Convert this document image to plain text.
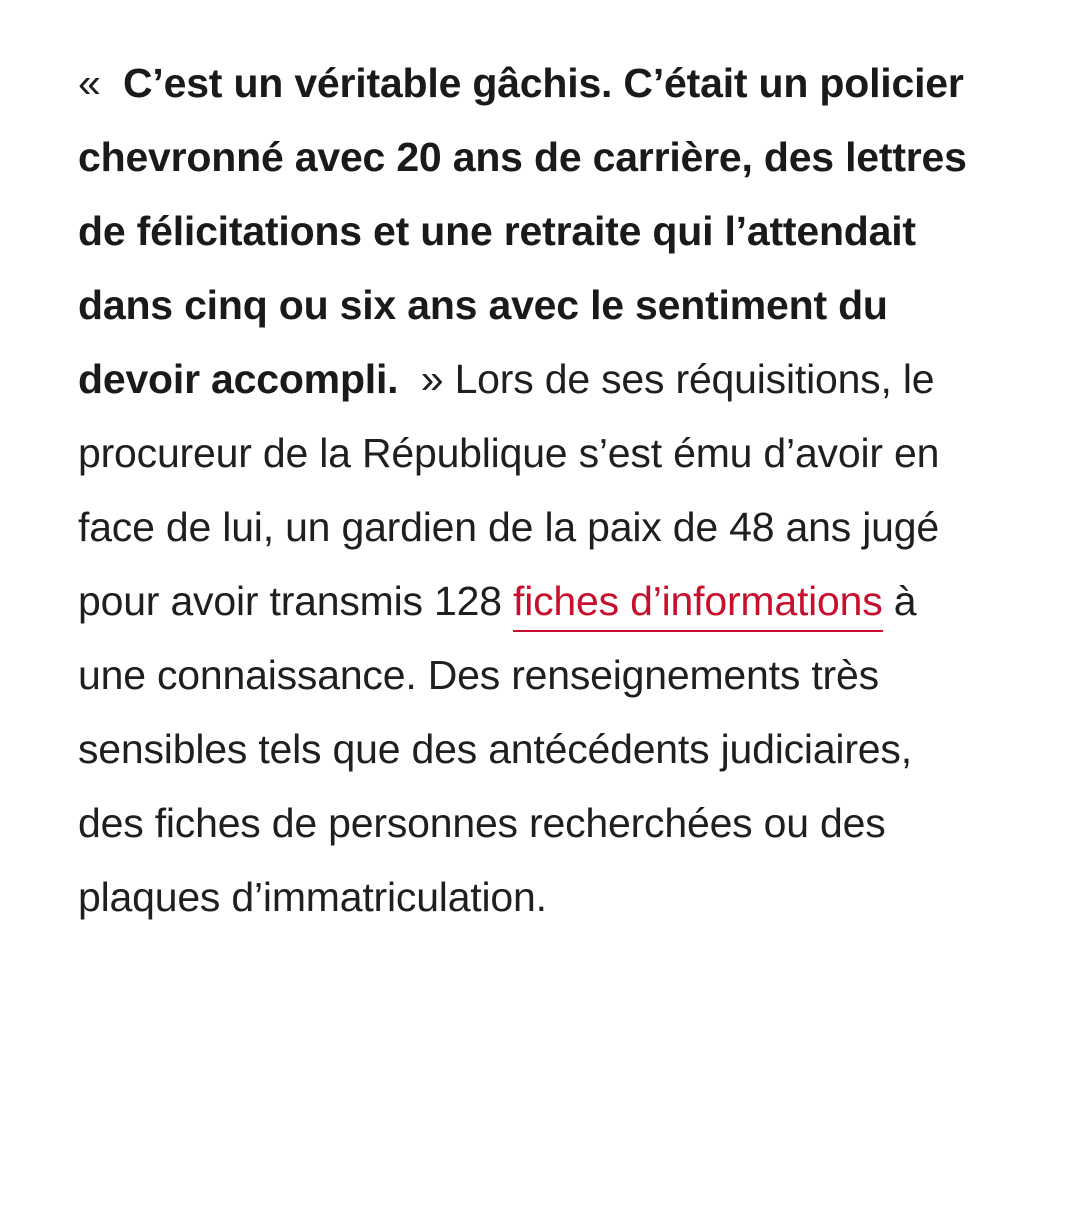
« C’est un véritable gâchis. C’était un policier chevronné avec 20 ans de carrière, des lettres de félicitations et une retraite qui l’attendait dans cinq ou six ans avec le sentiment du devoir accompli. » Lors de ses réquisitions, le procureur de la République s’est ému d’avoir en face de lui, un gardien de la paix de 48 ans jugé pour avoir transmis 128 fiches d’informations à une connaissance. Des renseignements très sensibles tels que des antécédents judiciaires, des fiches de personnes recherchées ou des plaques d’immatriculation.
